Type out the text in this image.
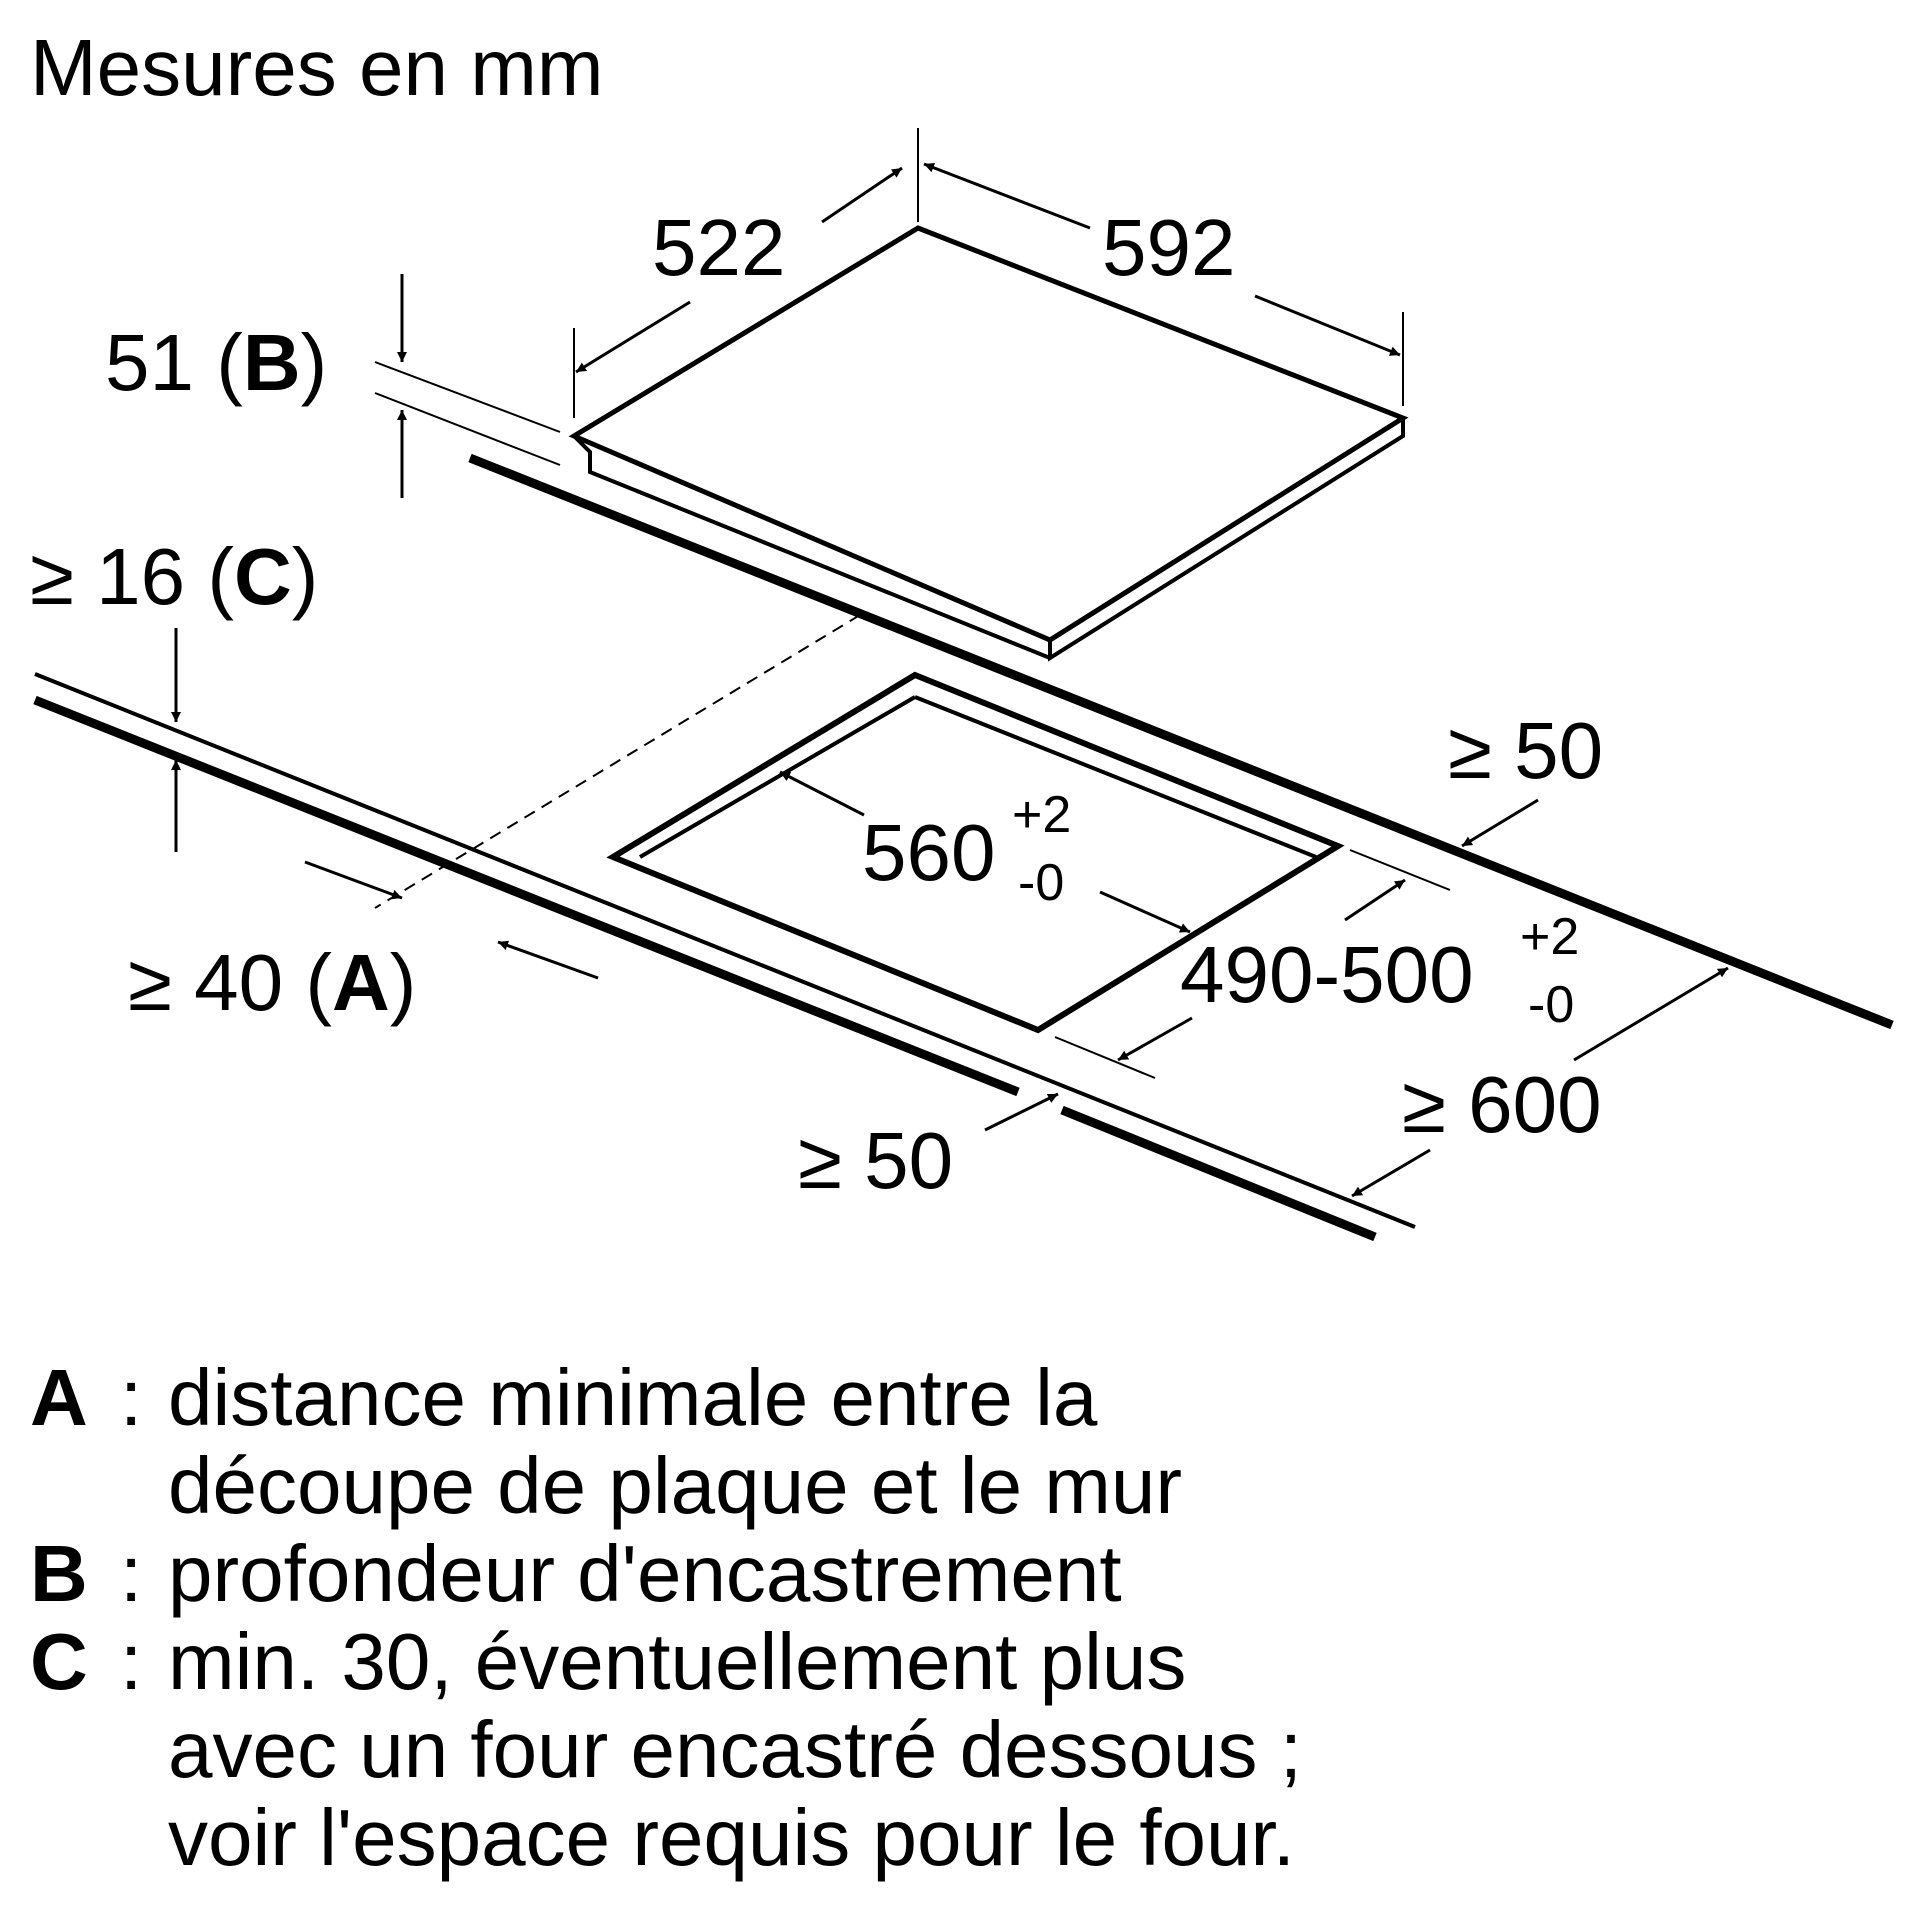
Mesures en mm
522	592
51 (B)
≥ 16 (C)
≥ 40 (A)
≥ 50
560 +2
-0
490-500 +2
-0
≥ 600
≥ 50
A : distance minimale entre la
découpe de plaque et le mur
B : profondeur d'encastrement
C : min. 30, éventuellement plus
avec un four encastré dessous ;
voir l'espace requis pour le four.
